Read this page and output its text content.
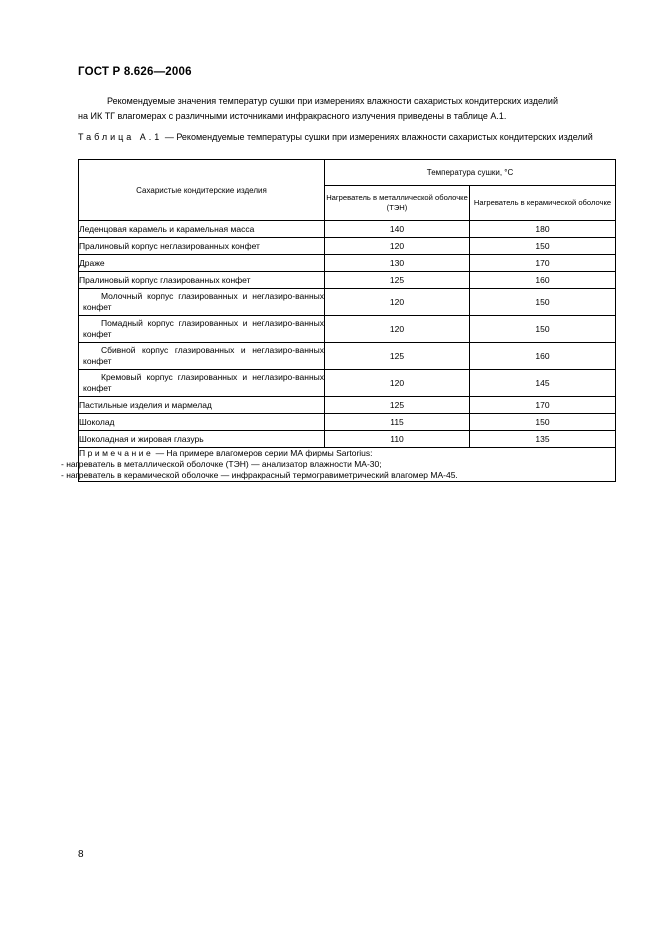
ГОСТ Р 8.626—2006
Рекомендуемые значения температур сушки при измерениях влажности сахаристых кондитерских изделий
на ИК ТГ влагомерах с различными источниками инфракрасного излучения приведены в таблице А.1.
Таблица А.1 — Рекомендуемые температуры сушки при измерениях влажности сахаристых кондитерских изделий
Сахаристые кондитерские изделия	Температура сушки, °С	
	Нагреватель в металлической оболочке (ТЭН)	Нагреватель в керамической оболочке
Леденцовая карамель и карамельная масса	140	180
Пралиновый корпус неглазированных конфет	120	150
Драже	130	170
Пралиновый корпус глазированных конфет	125	160
Молочный корпус глазированных и неглазиро-ванных конфет	120	150
Помадный корпус глазированных и неглазиро-ванных конфет	120	150
Сбивной корпус глазированных и неглазиро-ванных конфет	125	160
Кремовый корпус глазированных и неглазиро-ванных конфет	120	145
Пастильные изделия и мармелад	125	170
Шоколад	115	150
Шоколадная и жировая глазурь	110	135

Примечание — На примере влагомеров серии МА фирмы Sartorius:
- нагреватель в металлической оболочке (ТЭН) — анализатор влажности МА-30;
- нагреватель в керамической оболочке — инфракрасный термогравиметрический влагомер МА-45.		
8
